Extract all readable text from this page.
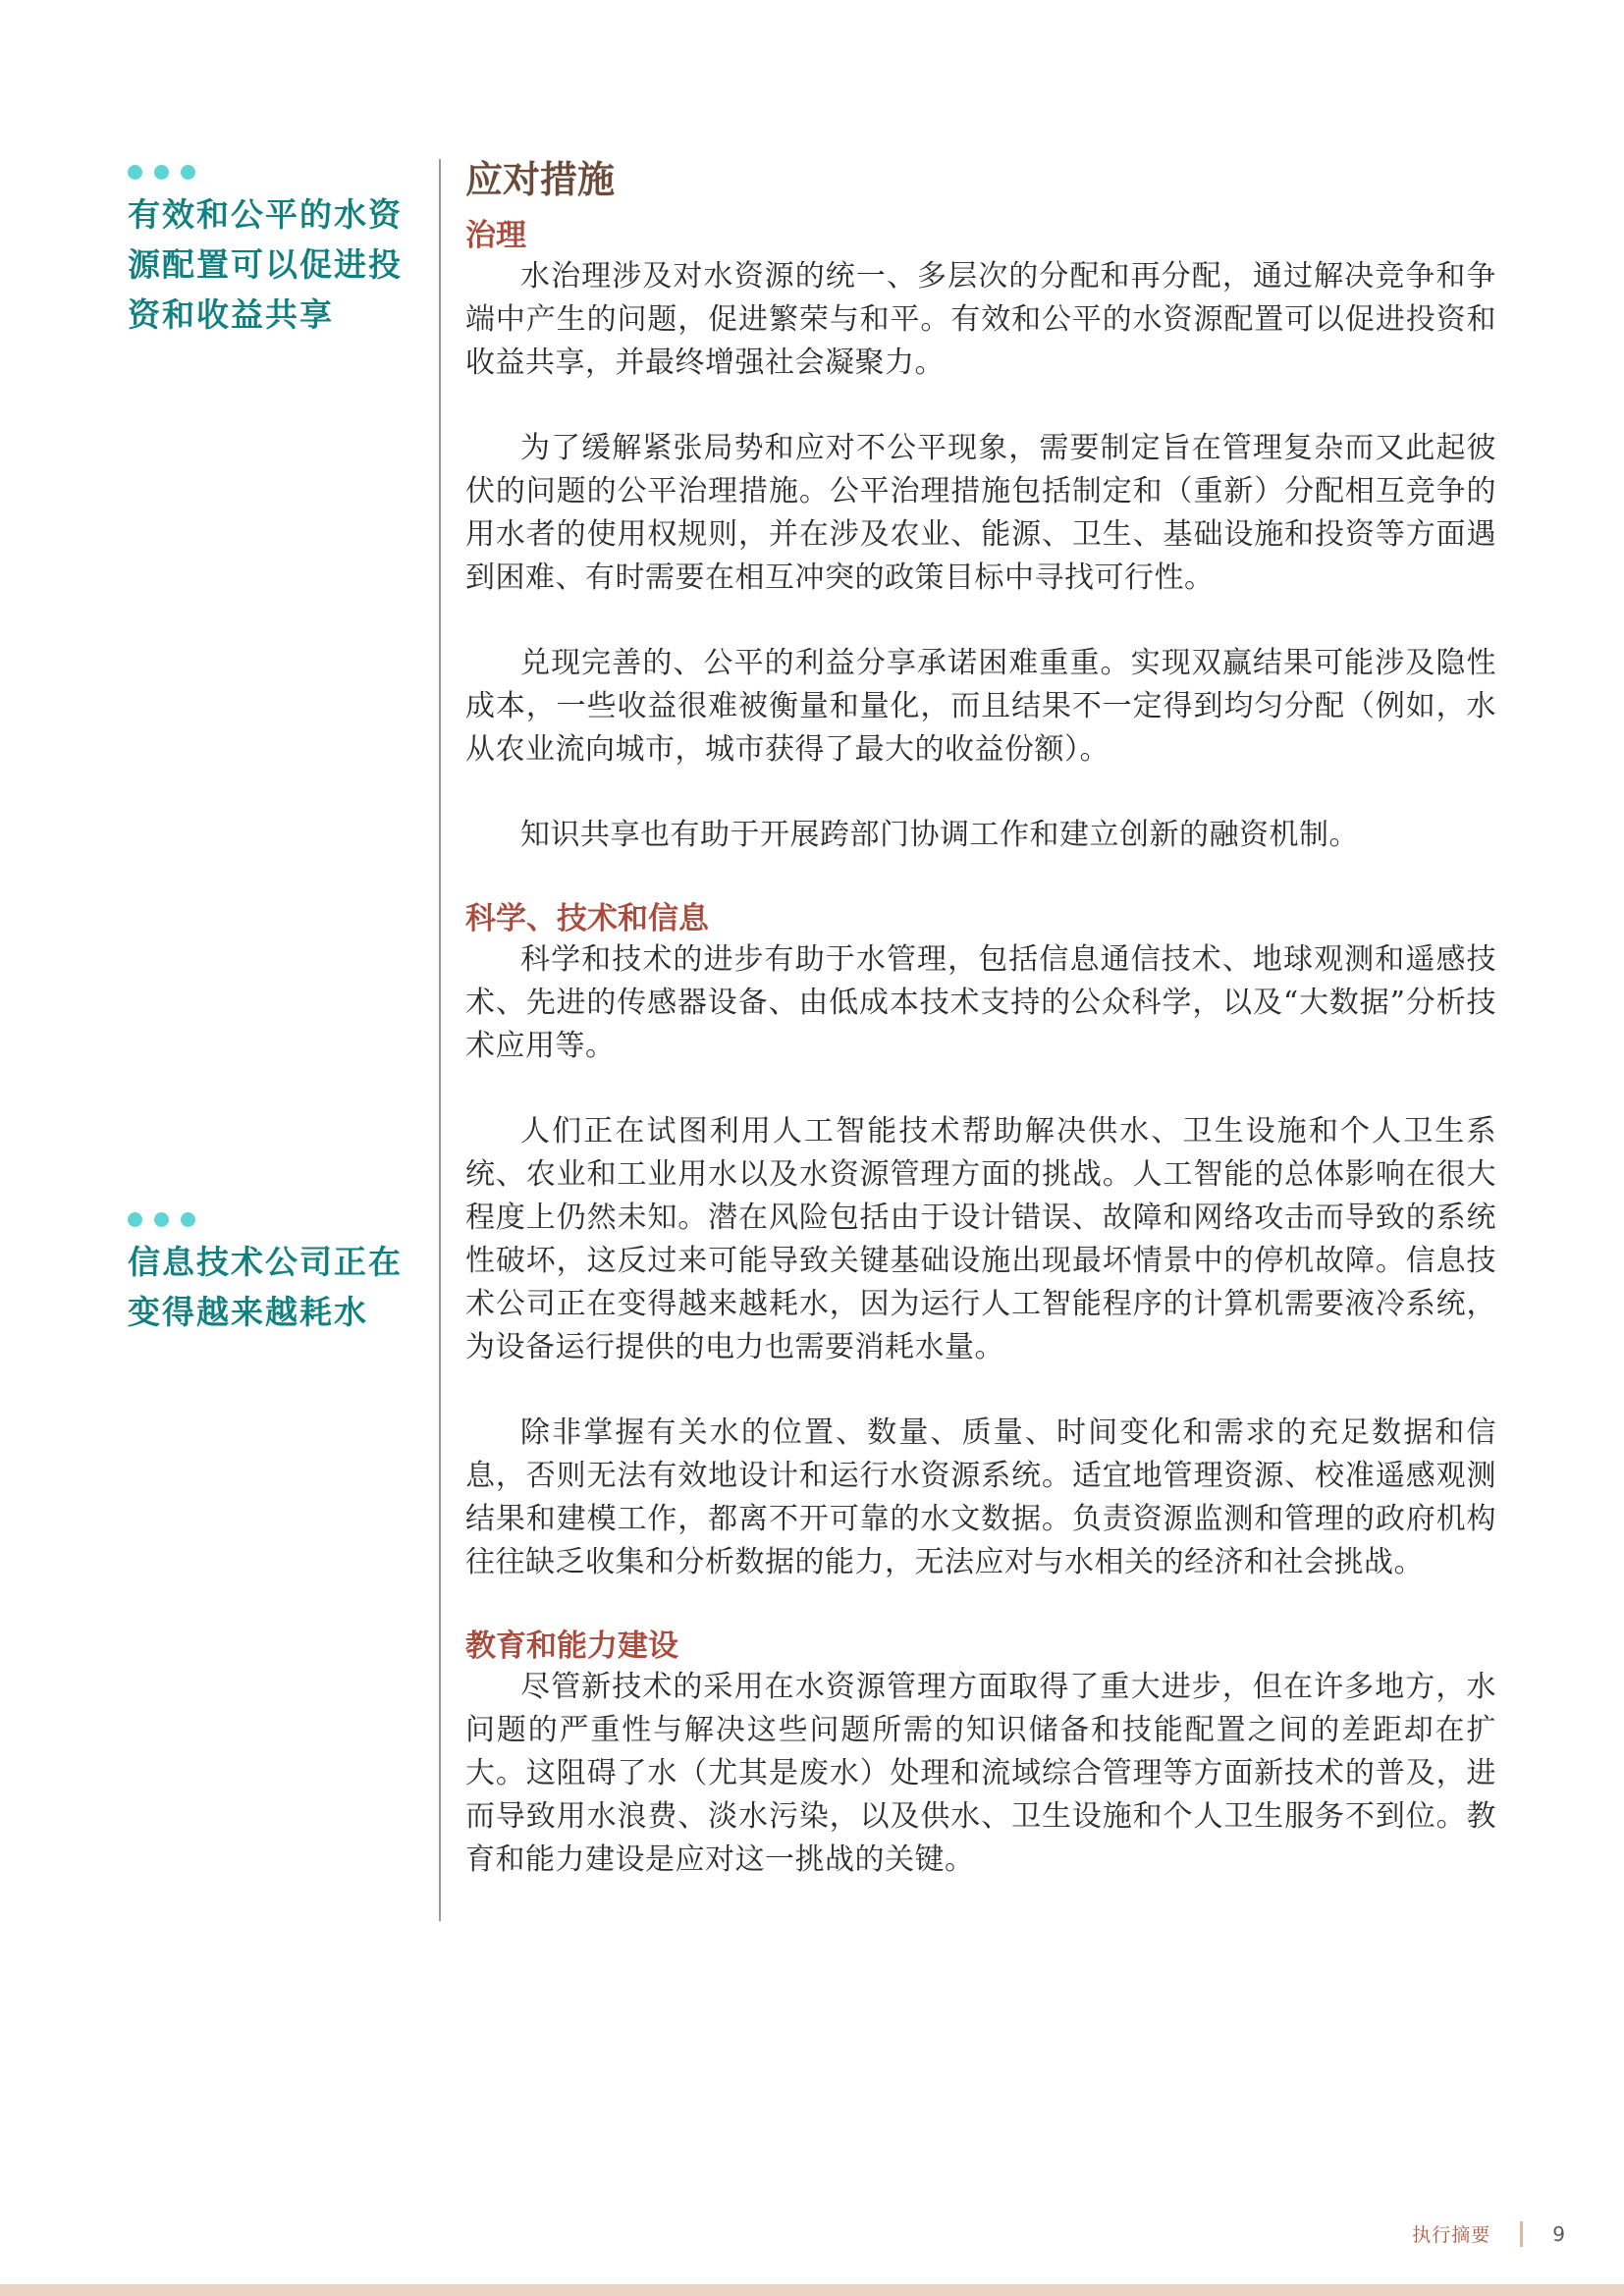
有效和公平的水资源配置可以促进投资和收益共享
信息技术公司正在变得越来越耗水
应对措施
治理

水治理涉及对水资源的统一、多层次的分配和再分配，通过解决竞争和争端中产生的问题，促进繁荣与和平。有效和公平的水资源配置可以促进投资和收益共享，并最终增强社会凝聚力。

为了缓解紧张局势和应对不公平现象，需要制定旨在管理复杂而又此起彼伏的问题的公平治理措施。公平治理措施包括制定和（重新）分配相互竞争的用水者的使用权规则，并在涉及农业、能源、卫生、基础设施和投资等方面遇到困难、有时需要在相互冲突的政策目标中寻找可行性。

兑现完善的、公平的利益分享承诺困难重重。实现双赢结果可能涉及隐性成本，一些收益很难被衡量和量化，而且结果不一定得到均匀分配（例如，水从农业流向城市，城市获得了最大的收益份额）。

知识共享也有助于开展跨部门协调工作和建立创新的融资机制。

科学、技术和信息

科学和技术的进步有助于水管理，包括信息通信技术、地球观测和遥感技术、先进的传感器设备、由低成本技术支持的公众科学，以及“大数据”分析技术应用等。

人们正在试图利用人工智能技术帮助解决供水、卫生设施和个人卫生系统、农业和工业用水以及水资源管理方面的挑战。人工智能的总体影响在很大程度上仍然未知。潜在风险包括由于设计错误、故障和网络攻击而导致的系统性破坏，这反过来可能导致关键基础设施出现最坏情景中的停机故障。信息技术公司正在变得越来越耗水，因为运行人工智能程序的计算机需要液冷系统，为设备运行提供的电力也需要消耗水量。

除非掌握有关水的位置、数量、质量、时间变化和需求的充足数据和信息，否则无法有效地设计和运行水资源系统。适宜地管理资源、校准遥感观测结果和建模工作，都离不开可靠的水文数据。负责资源监测和管理的政府机构往往缺乏收集和分析数据的能力，无法应对与水相关的经济和社会挑战。

教育和能力建设

尽管新技术的采用在水资源管理方面取得了重大进步，但在许多地方，水问题的严重性与解决这些问题所需的知识储备和技能配置之间的差距却在扩大。这阻碍了水（尤其是废水）处理和流域综合管理等方面新技术的普及，进而导致用水浪费、淡水污染，以及供水、卫生设施和个人卫生服务不到位。教育和能力建设是应对这一挑战的关键。

执行摘要	9
